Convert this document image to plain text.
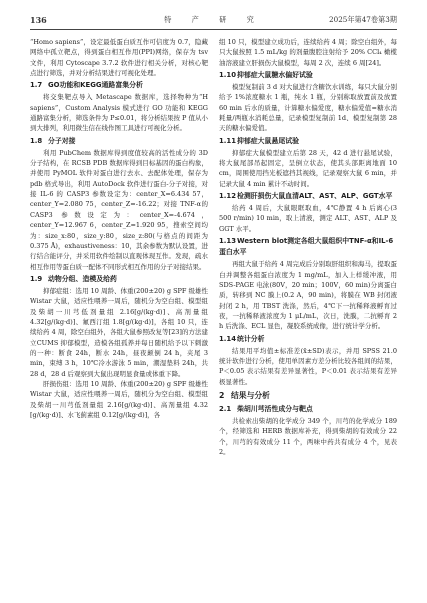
136	特 产 研 究	2025年第47卷第3期

“Homo sapiens”，设定最低蛋白质互作可信度为 0.7，隐藏网络中孤立靶点，得到蛋白相互作用(PPI)网络，保存为 tsv 文件，利用 Cytoscape 3.7.2 软件进行相关分析，对核心靶点进行筛选，并对分析结果进行可视化处理。

1.7 GO功能和KEGG通路富集分析

将交集靶点导入 Metascape 数据库，选择物种为“H sapiens”，Custom Analysis 模式进行 GO 功能和 KEGG 通路富集分析，筛选条件为 P≤0.01，将分析结果按 P 值从小到大排列，利用微生信在线作图工具进行可视化分析。

1.8 分子对接

利用 PubChem 数据库得到度值较高的活性成分的 3D 分子结构，在 RCSB PDB 数据库得到目标基因的蛋白构象，并使用 PyMOL 软件对蛋白进行去水、去配体处理，保存为 pdb 格式导出，利用 AutoDock 软件进行蛋白-分子对接，对接 IL-6 的 CASP3 参数设定为：center_X=6.434 57，center_Y=2.080 75，center_Z=-16.22；对接 TNF-α的 CASP3 参数设定为：center_X=-4.674，center_Y=12.967 6，center_Z=1.920 95，搜索空间均为：size_x:80，size_y:80，size_z:80(与格点的间距为 0.375 Å)，exhaustiveness：10，其余参数为默认设置，进行结合能评分，并采用软件绘制以直观体现互作。发现，疏水相互作用等蛋白质一配体不同形式相互作用的分子对接结果。

1.9 动物分组、造模及给药

抑郁症组：选用 10 周龄、体重(200±20) g SPF 级雄性 Wistar 大鼠，适应性喂养一周后，随机分为空白组、模型组及柴胡一川芎低剂量组 2.16[g/(kg·d)]、高剂量组 4.32[g/(kg·d)]、氟西汀组 1.8[g/(kg·d)]，各组 10 只，连续给药 4 周，除空白组外，各组大鼠参照改复等[23]的方法建立CUMS 抑郁模型，造模各组孤养并每日随机给予以下刺激的一种：断食 24h，断水 24h，昼夜颠倒 24 h，夹尾 3 min，束缚 3 h，10℃冷水游泳 5 min，潮湿垫料 24h，共 28 d，28 d 后观察到大鼠出现明显食量或体重下降。

肝损伤组：选用 10 周龄、体重(200±20) g SPF 级雄性 Wistar 大鼠，适应性喂养一周后，随机分为空白组、模型组及柴胡一川芎低剂量组 2.16[g/(kg·d)]、高剂量组 4.32 [g/(kg·d)]、水飞蓟素组 0.12[g/(kg·d)]，各

组 10 只，模型建立成功后，连续给药 4 周；除空白组外，每只大鼠按照 1.5 mL/kg 的剂量腹腔注射给予 20% CCl₄ 橄榄油溶液建立肝损伤大鼠模型，每周 2 次，连续 6 周[24]。

1.10抑郁症大鼠糖水偏好试验

模型复制前 3 d 对大鼠进行含糖饮水训练，每只大鼠分别给予 1%浓度糖水 1 瓶，纯水 1 瓶，分别称取放置前及放置 60 min 后水的质量，计算糖水偏爱度，糖水偏爱值=糖水消耗量/两瓶水消耗总量，记录模型复制前 1d、模型复制第 28 天的糖水偏爱值。

1.11抑郁症大鼠悬尾试验

抑郁症大鼠模型建立后第 28 天，42 d 进行悬尾试验，将大鼠尾部吊起固定，呈倒立状态，使其头部距离地面 10 cm，周围使用挡光板遮挡其视线，记录观察大鼠 6 min，并记录大鼠 4 min 累计不动时间。

1.12检测肝损伤大鼠血清ALT、AST、ALP、GGT水平

给药 4 周后，大鼠眼眶取血，4℃静置 4 h 后离心(3 500 r/min) 10 min，取上清液，测定 ALT、AST、ALP 及 GGT 水平。

1.13Western blot测定各组大鼠组织中TNF-α和IL-6蛋白水平

再组大鼠于给药 4 周完成后分别取肝组织和海马，提取蛋白并调整各组蛋白浓度为 1 mg/mL，加入上样缓冲液，用 SDS-PAGE 电泳(80V，20 min；100V，60 min)分离蛋白质，转移到 NC 膜上(0.2 A，90 min)，将膜在 WB 封闭液封闭 2 h，用 TBST 洗涤，然后，4℃下一抗稀释液孵育过夜，一抗稀释液浓度为 1 μL/mL，次日，洗膜，二抗孵育 2 h 后洗涤、ECL 显色，凝胶系统成像，进行统计学分析。

1.14统计分析

结果用平均值±标准差(x̄±SD)表示，并用 SPSS 21.0 统计软件进行分析，使用单因素方差分析比较各组间的结果，P＜0.05 表示结果有差异显著性，P＜0.01 表示结果有差异极显著性。

2 结果与分析
2.1 柴胡川芎活性成分与靶点

共检索出柴胡的化学成分 349 个，川芎的化学成分 189 个，经筛选和 HERB 数据库补充，得到柴胡的有效成分 22 个，川芎的有效成分 11 个，两味中药共有成分 4 个，见表 2。
